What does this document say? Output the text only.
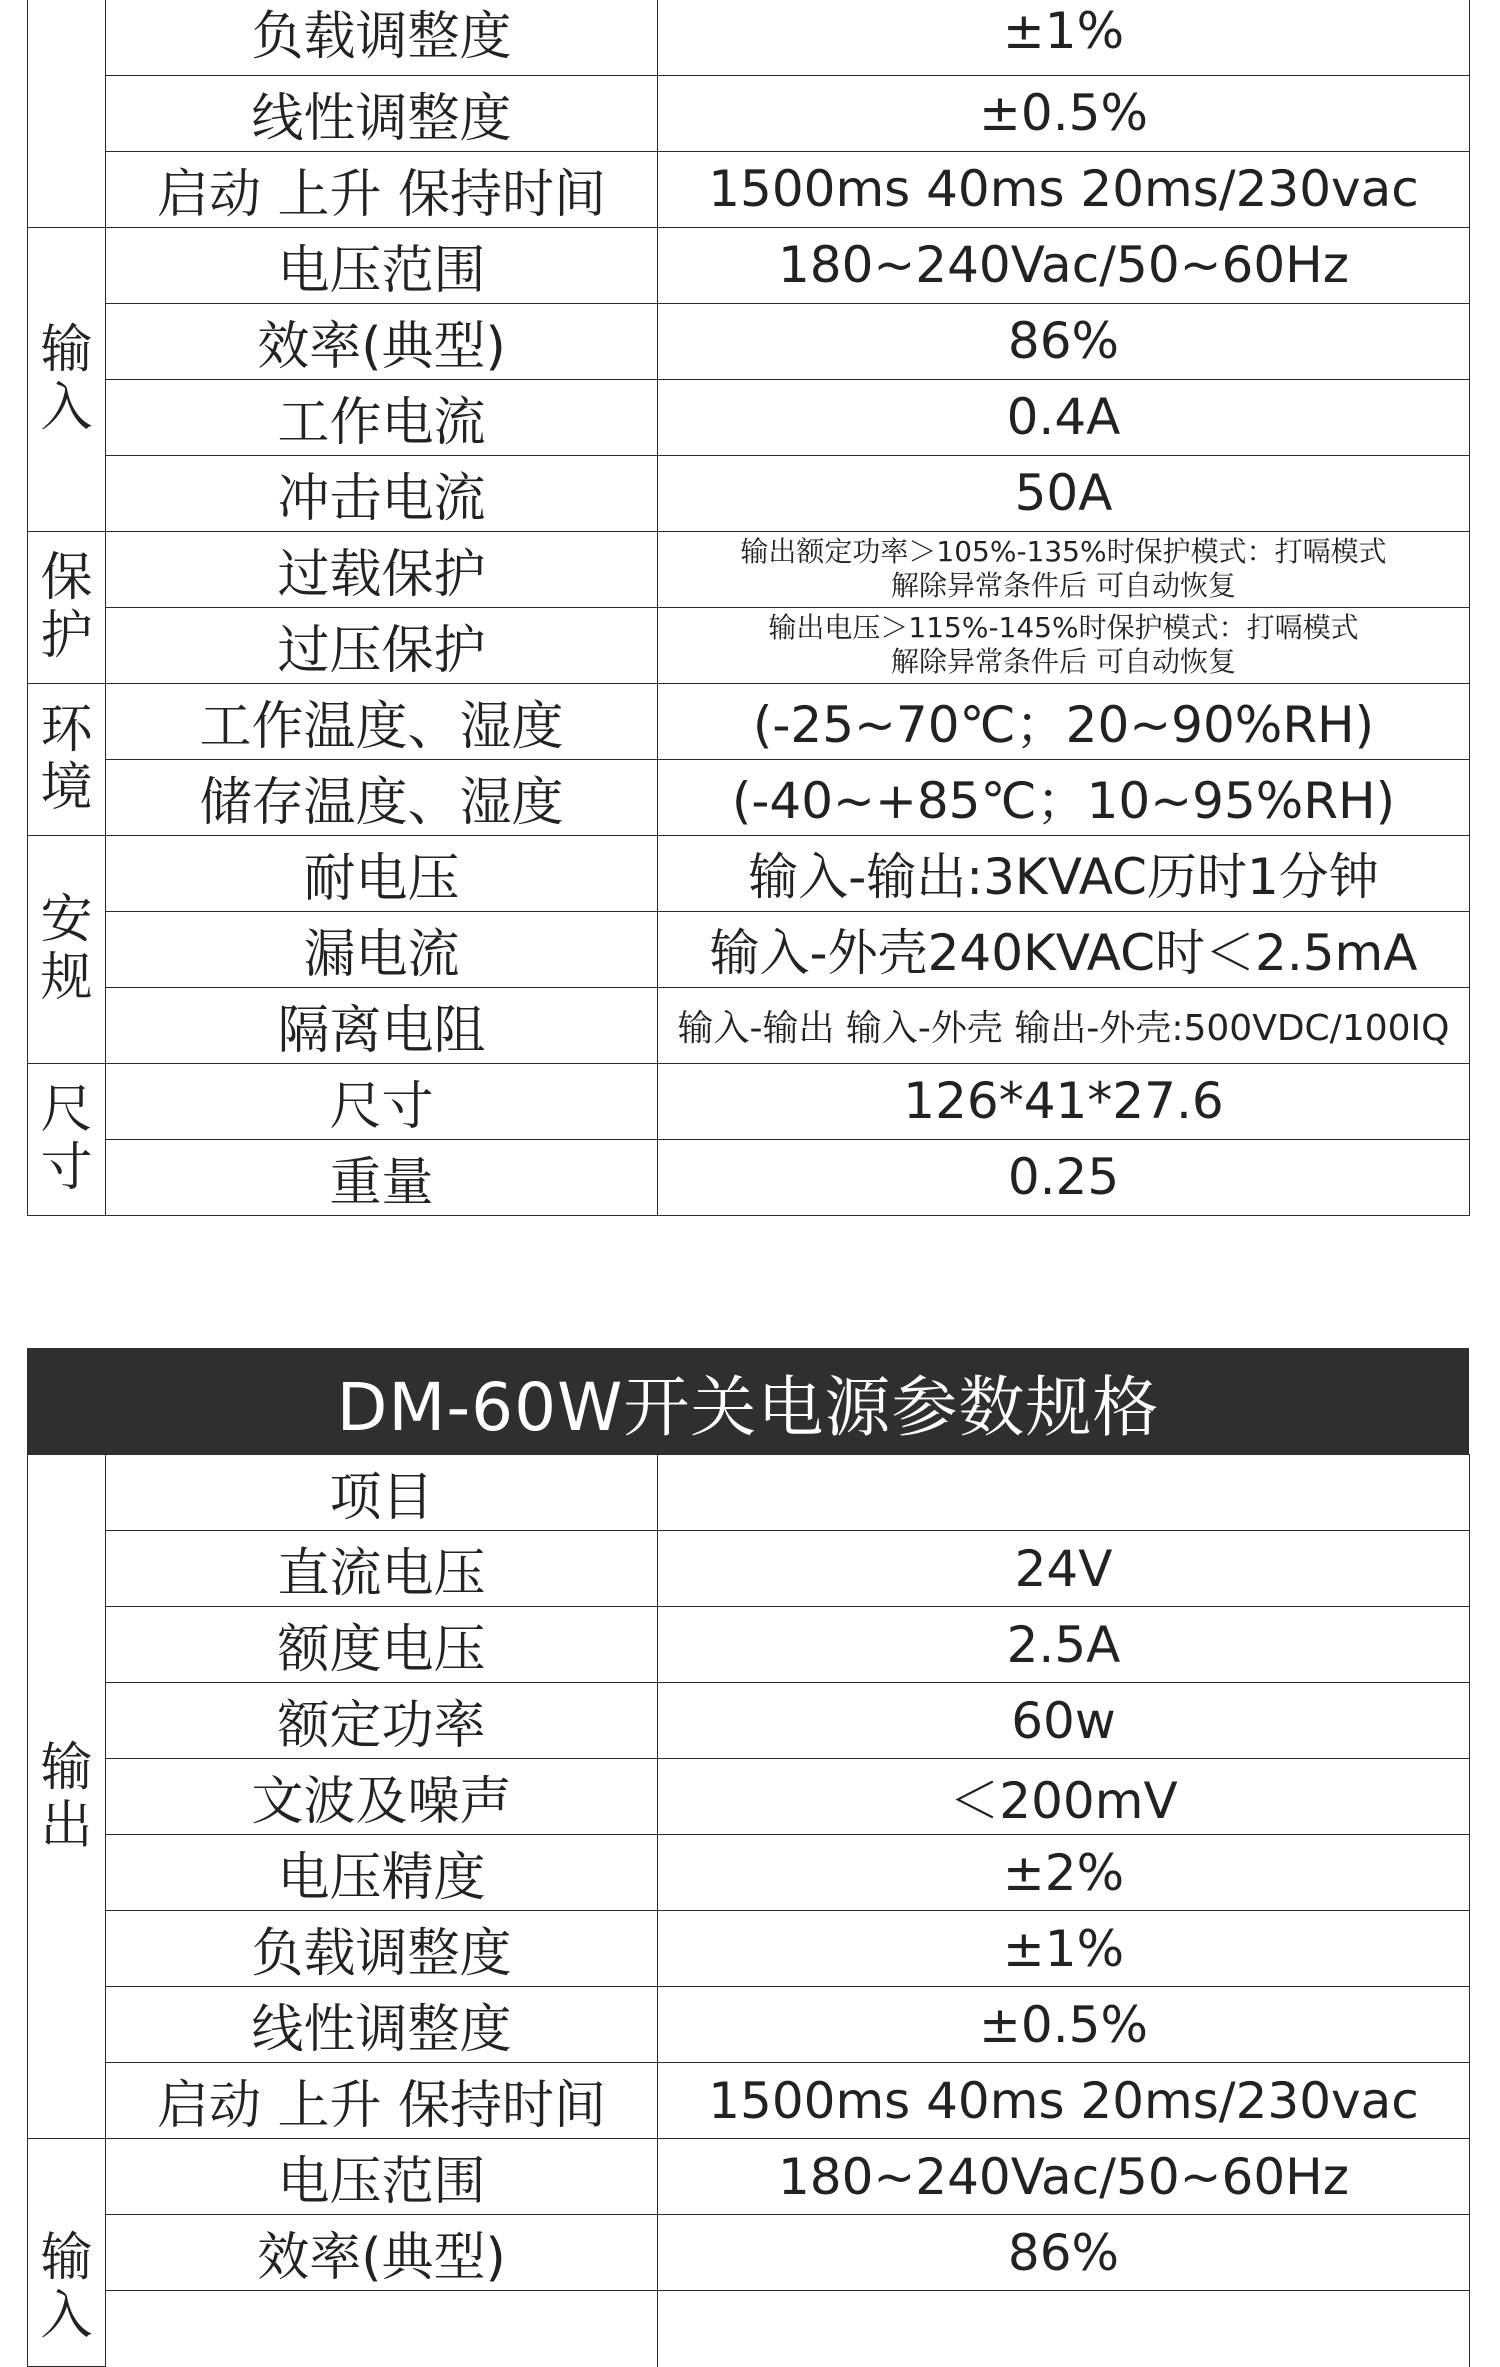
	负载调整度	±1%
	线性调整度	±0.5%
	启动 上升 保持时间	1500ms 40ms 20ms/230vac
输入	电压范围	180~240Vac/50~60Hz
	效率(典型)	86%
	工作电流	0.4A
	冲击电流	50A
保护	过载保护	输出额定功率＞105%-135%时保护模式：打嗝模式
解除异常条件后 可自动恢复

	过压保护	输出电压＞115%-145%时保护模式：打嗝模式
解除异常条件后 可自动恢复

环境	工作温度、湿度	(-25~70℃；20~90%RH)
	储存温度、湿度	(-40~+85℃；10~95%RH)
安规	耐电压	输入-输出:3KVAC历时1分钟
	漏电流	输入-外壳240KVAC时＜2.5mA
	隔离电阻	输入-输出 输入-外壳 输出-外壳:500VDC/100IQ
尺寸	尺寸	126*41*27.6
	重量	0.25
DM-60W开关电源参数规格
输出	项目	
	直流电压	24V
	额度电压	2.5A
	额定功率	60w
	文波及噪声	＜200mV
	电压精度	±2%
	负载调整度	±1%
	线性调整度	±0.5%
	启动 上升 保持时间	1500ms 40ms 20ms/230vac
输入	电压范围	180~240Vac/50~60Hz
	效率(典型)	86%
